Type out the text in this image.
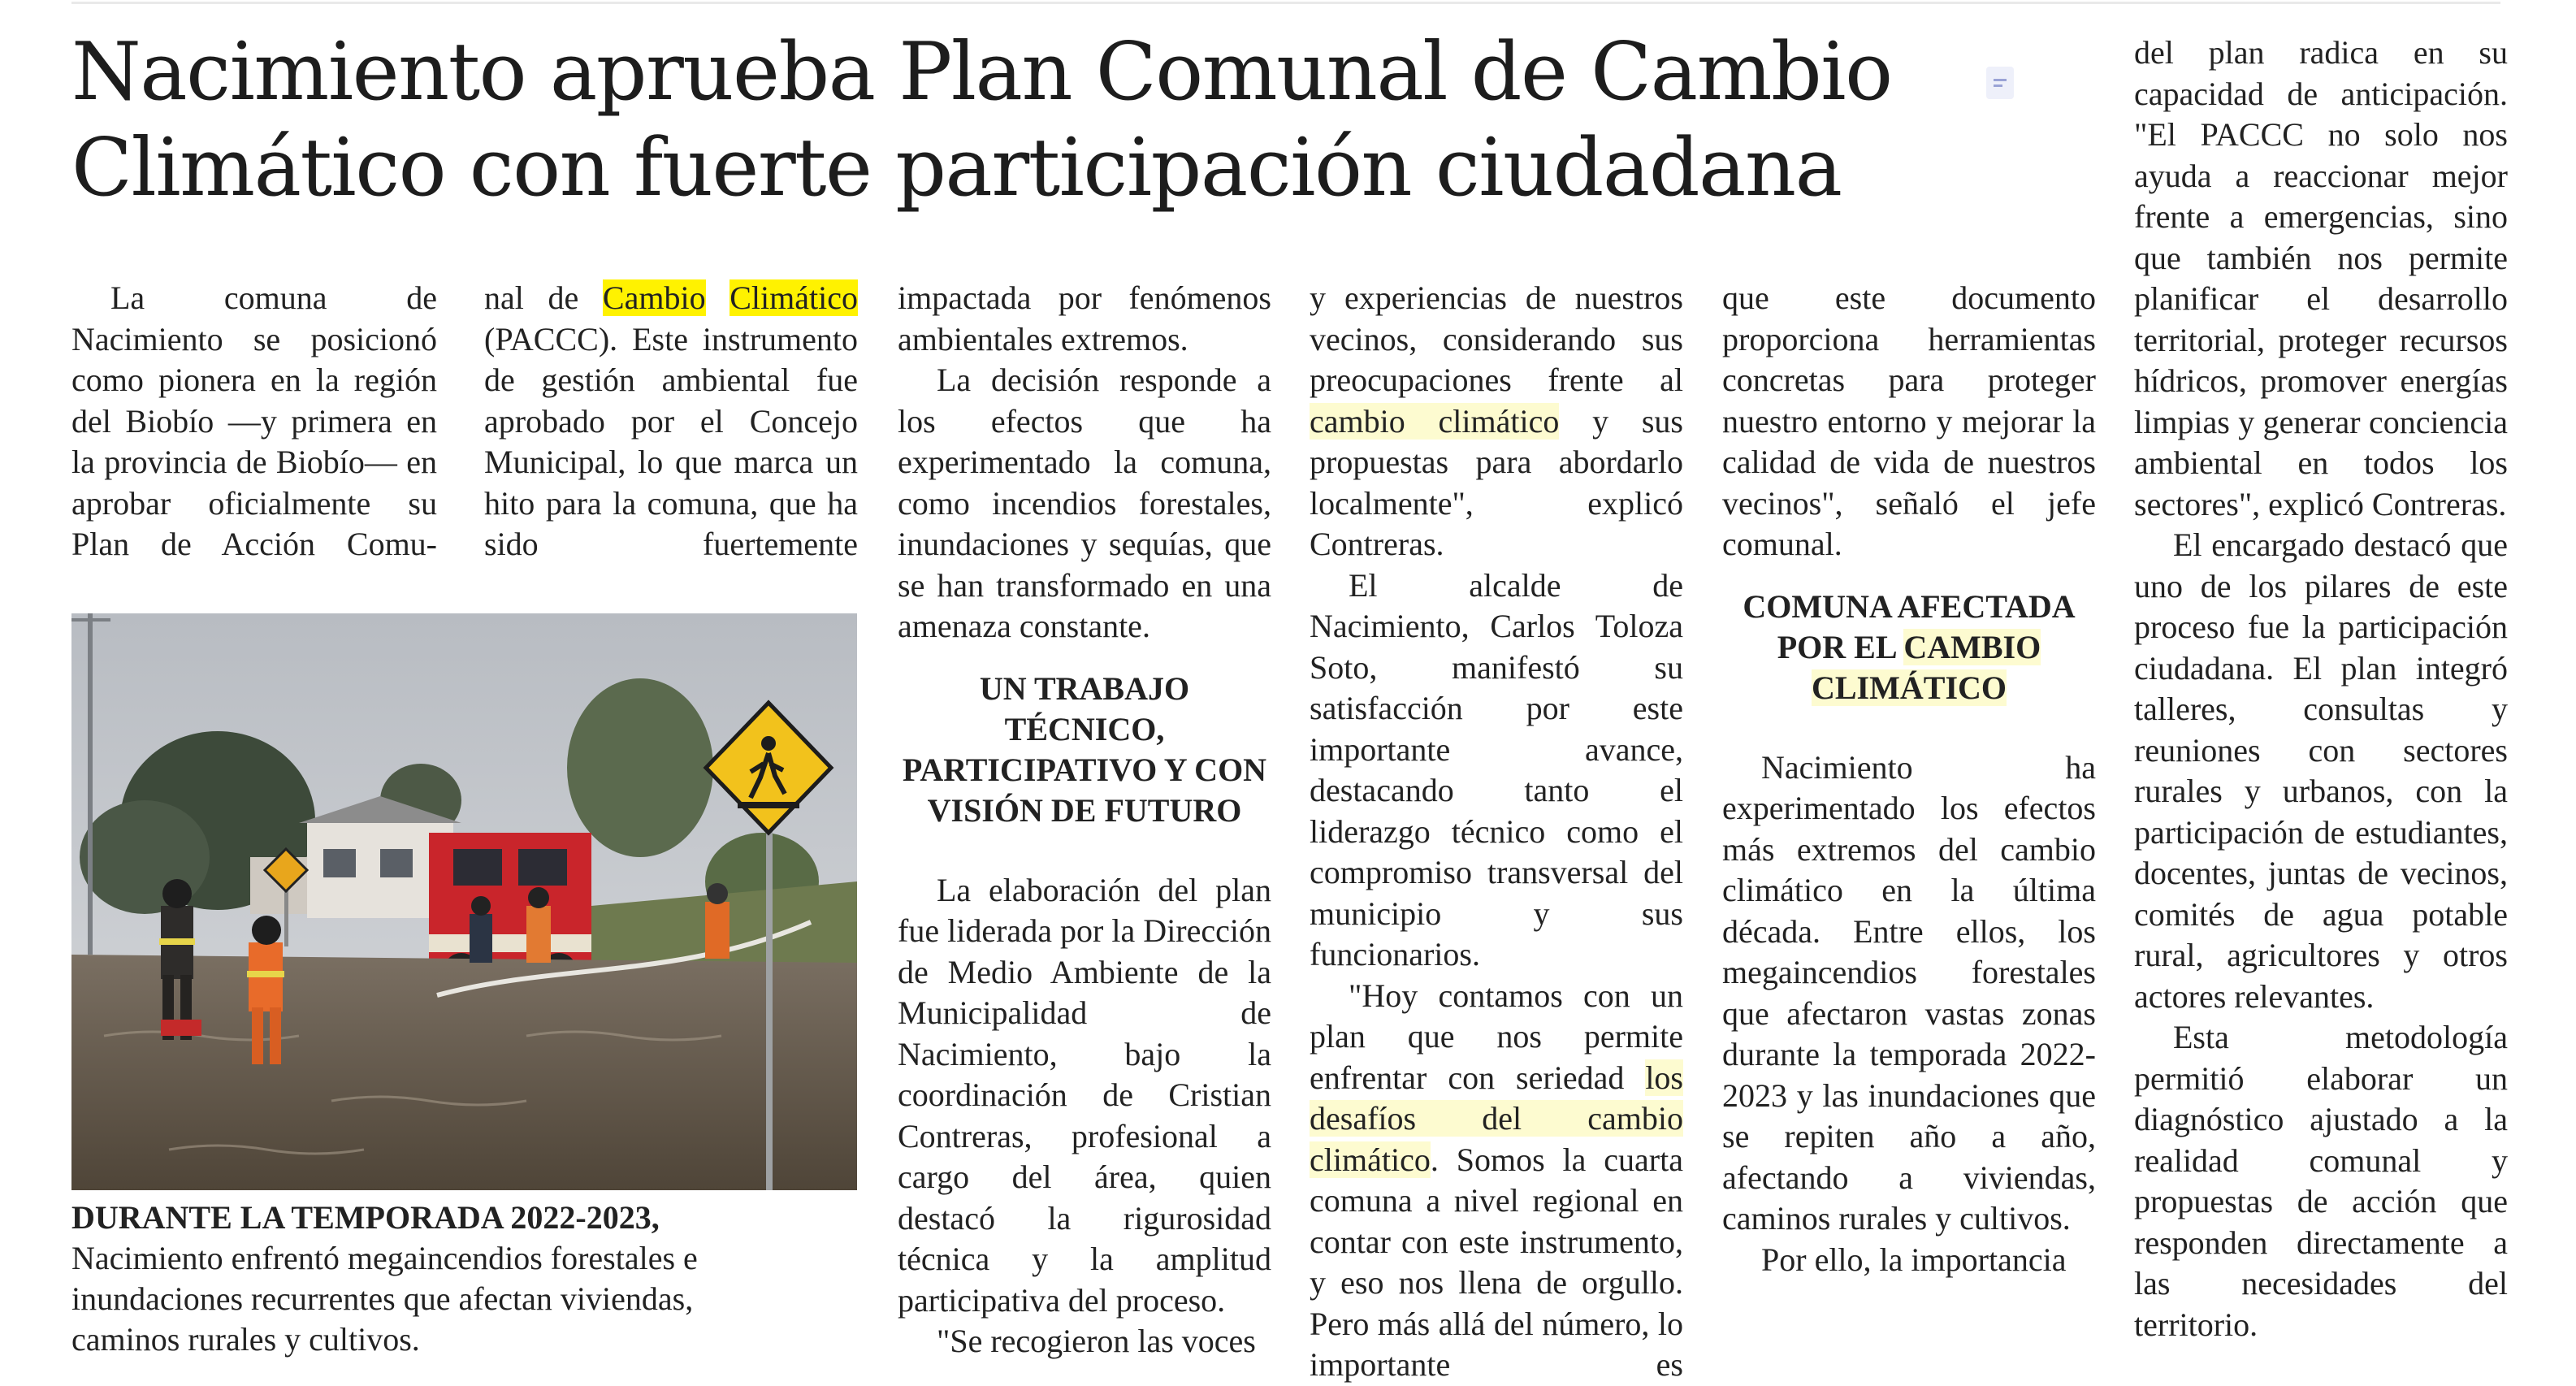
Nacimiento aprueba Plan Comunal de Cambio Climático con fuerte participación ciudadana
La comuna de Nacimiento se posicionó como pionera en la región del Biobío —y primera en la provincia de Biobío— en aprobar oficialmente su Plan de Acción Comu-
nal de Cambio Climático (PACCC). Este instrumento de gestión ambiental fue aprobado por el Concejo Municipal, lo que marca un hito para la comuna, que ha sido fuertemente

DURANTE LA TEMPORADA 2022-2023, Nacimiento enfrentó megaincendios forestales e inundaciones recurrentes que afectan viviendas, caminos rurales y cultivos.

impactada por fenómenos ambientales extremos.
La decisión responde a los efectos que ha experimentado la comuna, como incendios forestales, inundaciones y sequías, que se han transformado en una amenaza constante.
UN TRABAJO TÉCNICO, PARTICIPATIVO Y CON VISIÓN DE FUTURO
La elaboración del plan fue liderada por la Dirección de Medio Ambiente de la Municipalidad de Nacimiento, bajo la coordinación de Cristian Contreras, profesional a cargo del área, quien destacó la rigurosidad técnica y la amplitud participativa del proceso.
"Se recogieron las voces
y experiencias de nuestros vecinos, considerando sus preocupaciones frente al cambio climático y sus propuestas para abordarlo localmente", explicó Contreras.
El alcalde de Nacimiento, Carlos Toloza Soto, manifestó su satisfacción por este importante avance, destacando tanto el liderazgo técnico como el compromiso transversal del municipio y sus funcionarios.
"Hoy contamos con un plan que nos permite enfrentar con seriedad los desafíos del cambio climático. Somos la cuarta comuna a nivel regional en contar con este instrumento, y eso nos llena de orgullo. Pero más allá del número, lo importante es
que este documento proporciona herramientas concretas para proteger nuestro entorno y mejorar la calidad de vida de nuestros vecinos", señaló el jefe comunal.
COMUNA AFECTADA POR EL CAMBIO CLIMÁTICO
Nacimiento ha experimentado los efectos más extremos del cambio climático en la última década. Entre ellos, los megaincendios forestales que afectaron vastas zonas durante la temporada 2022-2023 y las inundaciones que se repiten año a año, afectando a viviendas, caminos rurales y cultivos.
Por ello, la importancia
del plan radica en su capacidad de anticipación. "El PACCC no solo nos ayuda a reaccionar mejor frente a emergencias, sino que también nos permite planificar el desarrollo territorial, proteger recursos hídricos, promover energías limpias y generar conciencia ambiental en todos los sectores", explicó Contreras.
El encargado destacó que uno de los pilares de este proceso fue la participación ciudadana. El plan integró talleres, consultas y reuniones con sectores rurales y urbanos, con la participación de estudiantes, docentes, juntas de vecinos, comités de agua potable rural, agricultores y otros actores relevantes.
Esta metodología permitió elaborar un diagnóstico ajustado a la realidad comunal y propuestas de acción que responden directamente a las necesidades del territorio.
